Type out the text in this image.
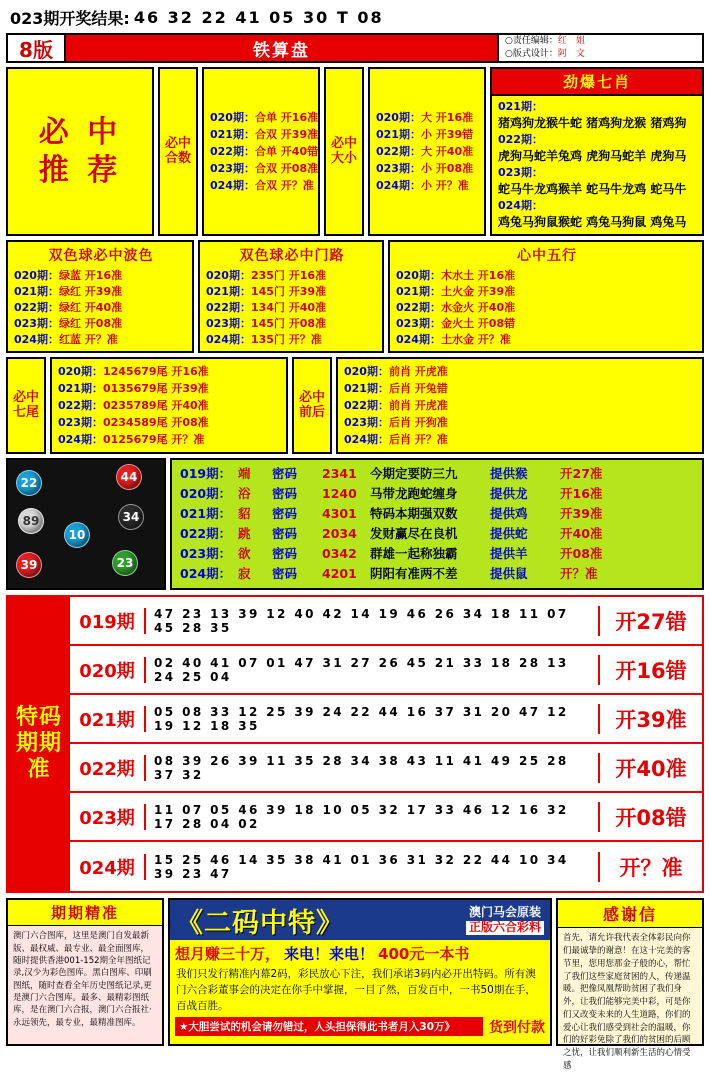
023期开奖结果: 46 32 22 41 05 30 T 08
8版	铁算盘	○责任编辑：红　姐
○版式设计：阿　文
必 中
推 荐
必中合数
020期：合单 开16准
021期：合双 开39准
022期：合单 开40错
023期：合双 开08准
024期：合双 开？准
必中大小
020期：大 开16准
021期：小 开39错
022期：大 开40准
023期：小 开08准
024期：小 开？准
劲爆七肖
021期：
猪鸡狗龙猴牛蛇 猪鸡狗龙猴 猪鸡狗
022期：
虎狗马蛇羊兔鸡 虎狗马蛇羊 虎狗马
023期：
蛇马牛龙鸡猴羊 蛇马牛龙鸡 蛇马牛
024期：
鸡兔马狗鼠猴蛇 鸡兔马狗鼠 鸡兔马
双色球必中波色
020期：绿蓝 开16准
021期：绿红 开39准
022期：绿红 开40准
023期：绿红 开08准
024期：红蓝 开？准
双色球必中门路
020期：235门 开16准
021期：145门 开39准
022期：134门 开40准
023期：145门 开08准
024期：135门 开？准
心中五行
020期：木水土 开16准
021期：土火金 开39准
022期：水金火 开40准
023期：金火土 开08错
024期：土水金 开？准
必中七尾
020期：1245679尾 开16准
021期：0135679尾 开39准
022期：0235789尾 开40准
023期：0234589尾 开08准
024期：0125679尾 开？准
必中前后
020期：前肖 开虎准
021期：后肖 开兔错
022期：前肖 开虎准
023期：后肖 开狗准
024期：后肖 开？准
22	44
89	34
10
39	23
019期： 端	密码	2341	今期定要防三九	提供猴	开27准
020期： 浴	密码	1240	马带龙跑蛇缠身	提供龙	开16准
021期： 貂	密码	4301	特码本期强双数	提供鸡	开39准
022期： 跳	密码	2034	发财赢尽在良机	提供蛇	开40准
023期： 欲	密码	0342	群雄一起称独霸	提供羊	开08准
024期： 寂	密码	4201	阴阳有准两不差	提供鼠	开？准
特码期期准
019期	47 23 13 39 12 40 42 14 19 46 26 34 18 11 07 45 28 35	开27错
020期	02 40 41 07 01 47 31 27 26 45 21 33 18 28 13 24 25 04	开16错
021期	05 08 33 12 25 39 24 22 44 16 37 31 20 47 12 19 12 18 35	开39准
022期	08 39 26 39 11 35 28 34 38 43 11 41 49 25 28 37 32	开40准
023期	11 07 05 46 39 18 10 05 32 17 33 46 12 16 32 17 28 04 02	开08错
024期	15 25 46 14 35 38 41 01 36 31 32 22 44 10 34 39 23 47	开？准
期期精准
澳门六合图库，这里是澳门自发最新版、最权威、最专业、最全面图库，随时提供香港001-152期全年图纸记录,汉少为彩色图库。黑白图库、印刷图纸，随时查看全年历史图纸记录,更是澳门六合图库。最多、最精彩图纸库，是在澳门六合报，澳门六合报社·永远领先，最专业，最精准图库。
《二码中特》	澳门马会原装
正版六合彩料
想月赚三十万， 来电！来电！ 400元一本书
我们只发行精准内幕2码，彩民放心下注，我们承诺3码内必开出特码。所有澳门六合彩董事会的决定在你手中掌握，一目了然，百发百中，一书50期在手，百战百胜。
★大胆尝试的机会请勿错过，人头担保得此书者月入30万》	货到付款
感谢信
首先，请允许我代表全体彩民向你们最诚挚的谢意！在这十完美的客节里，您用您那金子般的心，帮忙了我们这些家庭贫困的人，传递温暖。把像凤凰帮助贫困了我们身外，让我们能够完美中彩，可是你们又改变未来的人生道路，你们的爱心让我们感受到社会的温暖，你们的好彩免除了我们的贫困的后顾之忧，让我们顺利新生活的心情受感
